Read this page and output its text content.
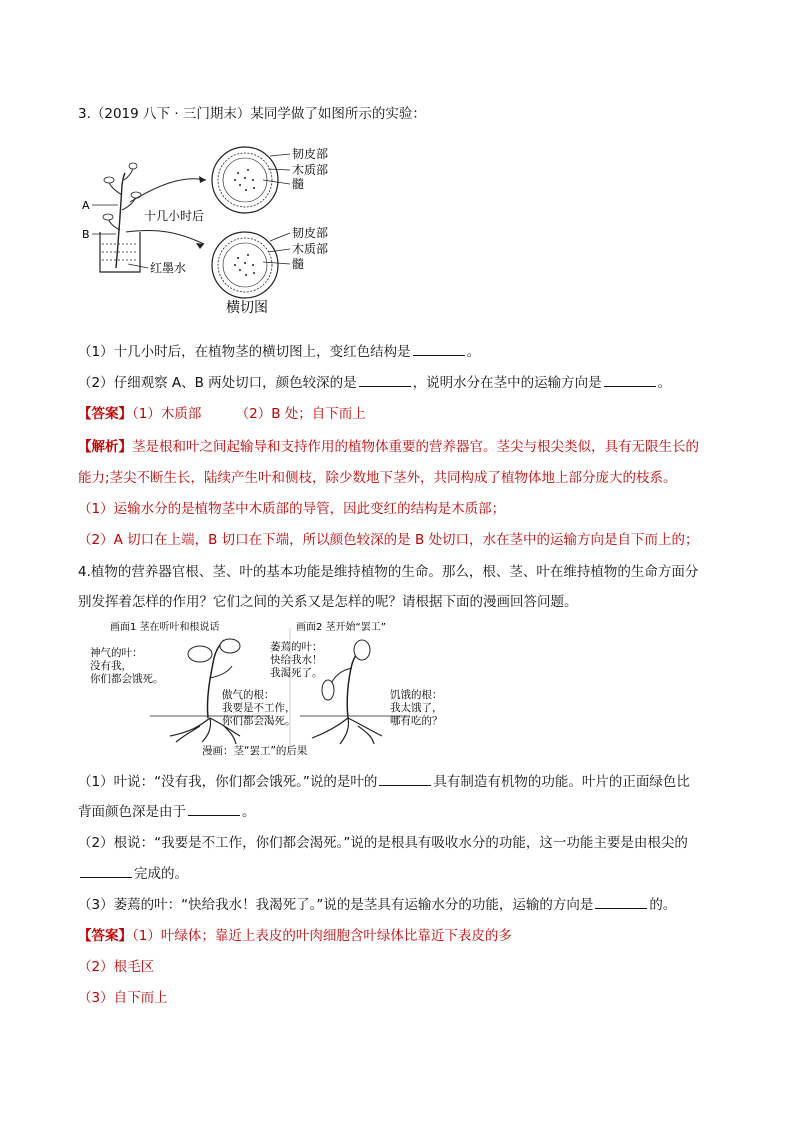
3.（2019 八下 · 三门期末）某同学做了如图所示的实验：
韧皮部
木质部
髓
韧皮部
木质部
髓
A
B
十几小时后
红墨水
横切图
（1）十几小时后，在植物茎的横切图上，变红色结构是	。
（2）仔细观察 A、B 两处切口，颜色较深的是	，说明水分在茎中的运输方向是	。
【答案】（1）木质部        （2）B 处；自下而上
【解析】茎是根和叶之间起输导和支持作用的植物体重要的营养器官。茎尖与根尖类似，具有无限生长的
能力;茎尖不断生长，陆续产生叶和侧枝，除少数地下茎外，共同构成了植物体地上部分庞大的枝系。
（1）运输水分的是植物茎中木质部的导管，因此变红的结构是木质部；
（2）A 切口在上端，B 切口在下端，所以颜色较深的是 B 处切口，水在茎中的运输方向是自下而上的；
4.植物的营养器官根、茎、叶的基本功能是维持植物的生命。那么，根、茎、叶在维持植物的生命方面分
别发挥着怎样的作用？它们之间的关系又是怎样的呢？请根据下面的漫画回答问题。
画面1 茎在听叶和根说话	画面2 茎开始“罢工”
神气的叶：
没有我，
你们都会饿死。
傲气的根：
我要是不工作，
你们都会渴死。
萎蔫的叶：
快给我水！
我渴死了。
饥饿的根：
我太饿了，
哪有吃的？
漫画：茎“罢工”的后果
（1）叶说：“没有我，你们都会饿死。”说的是叶的	具有制造有机物的功能。叶片的正面绿色比
背面颜色深是由于	。
（2）根说：“我要是不工作，你们都会渴死。”说的是根具有吸收水分的功能，这一功能主要是由根尖的
完成的。
（3）萎蔫的叶：“快给我水！我渴死了。”说的是茎具有运输水分的功能，运输的方向是	的。
【答案】（1）叶绿体；靠近上表皮的叶肉细胞含叶绿体比靠近下表皮的多
（2）根毛区
（3）自下而上
